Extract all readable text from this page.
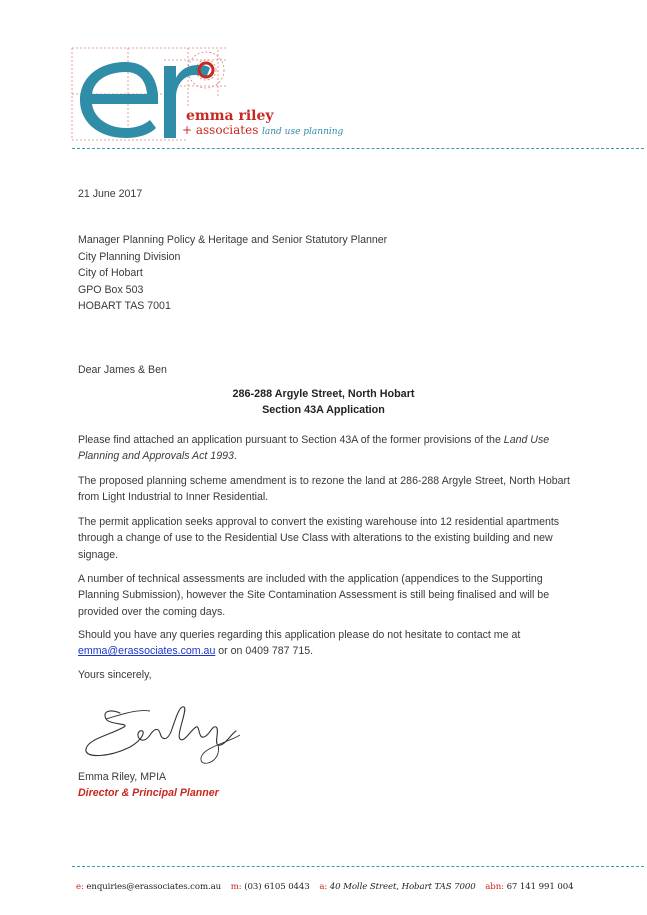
emma riley
+ associates land use planning
21 June 2017
Manager Planning Policy & Heritage and Senior Statutory Planner
City Planning Division
City of Hobart
GPO Box 503
HOBART TAS 7001
Dear James & Ben
286-288 Argyle Street, North Hobart
Section 43A Application
Please find attached an application pursuant to Section 43A of the former provisions of the Land Use Planning and Approvals Act 1993.
The proposed planning scheme amendment is to rezone the land at 286-288 Argyle Street, North Hobart from Light Industrial to Inner Residential.
The permit application seeks approval to convert the existing warehouse into 12 residential apartments through a change of use to the Residential Use Class with alterations to the existing building and new signage.
A number of technical assessments are included with the application (appendices to the Supporting Planning Submission), however the Site Contamination Assessment is still being finalised and will be provided over the coming days.
Should you have any queries regarding this application please do not hesitate to contact me at emma@erassociates.com.au or on 0409 787 715.
Yours sincerely,
Emma Riley, MPIA
Director & Principal Planner
e: enquiries@erassociates.com.au m: (03) 6105 0443 a: 40 Molle Street, Hobart TAS 7000 abn: 67 141 991 004
